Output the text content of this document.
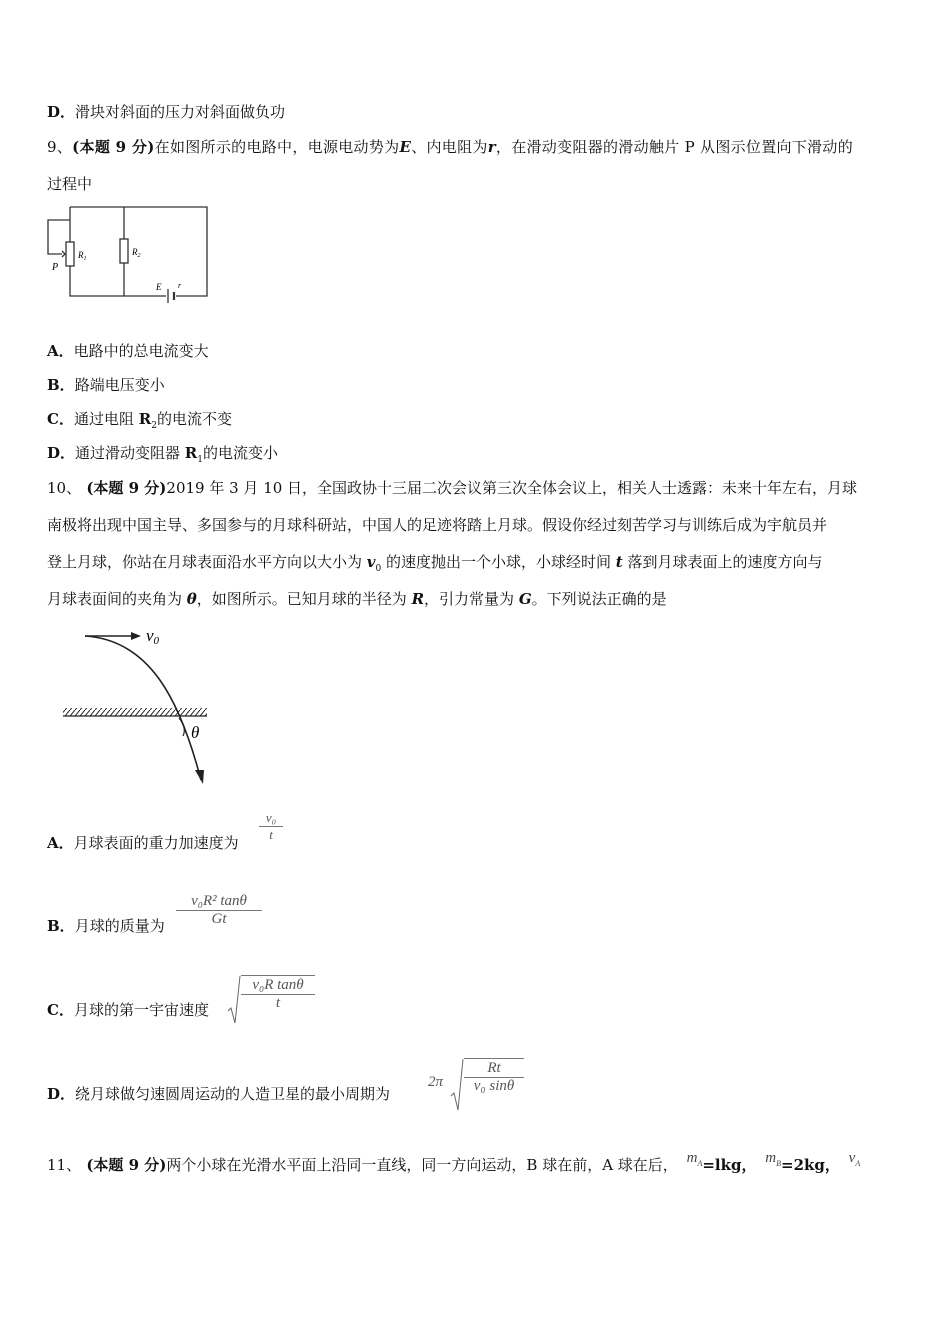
D．滑块对斜面的压力对斜面做负功
9、(本题 9 分)在如图所示的电路中，电源电动势为E、内电阻为r，在滑动变阻器的滑动触片 P 从图示位置向下滑动的
过程中
P
$R_1$
$R_2$
E r
A．电路中的总电流变大
B．路端电压变小
C．通过电阻 $R_2$的电流不变
D．通过滑动变阻器 $R_1$的电流变小
10、 (本题 9 分)2019 年 3 月 10 日，全国政协十三届二次会议第三次全体会议上，相关人士透露：未来十年左右，月球
南极将出现中国主导、多国参与的月球科研站，中国人的足迹将踏上月球。假设你经过刻苦学习与训练后成为宇航员并
登上月球，你站在月球表面沿水平方向以大小为 $v_0$ 的速度抛出一个小球，小球经时间 t 落到月球表面上的速度方向与
月球表面间的夹角为 θ，如图所示。已知月球的半径为 R，引力常量为 G。下列说法正确的是
v0
θ
A．月球表面的重力加速度为
v₀
t
B．月球的质量为
v₀R² tanθ
Gt
C．月球的第一宇宙速度
v₀R tanθ
t
D．绕月球做匀速圆周运动的人造卫星的最小周期为
2π
Rt
v₀ sinθ
11、 (本题 9 分)两个小球在光滑水平面上沿同一直线，同一方向运动，B 球在前，A 球在后， $m_A=lkg$， $m_B=2kg$， $v_A$
